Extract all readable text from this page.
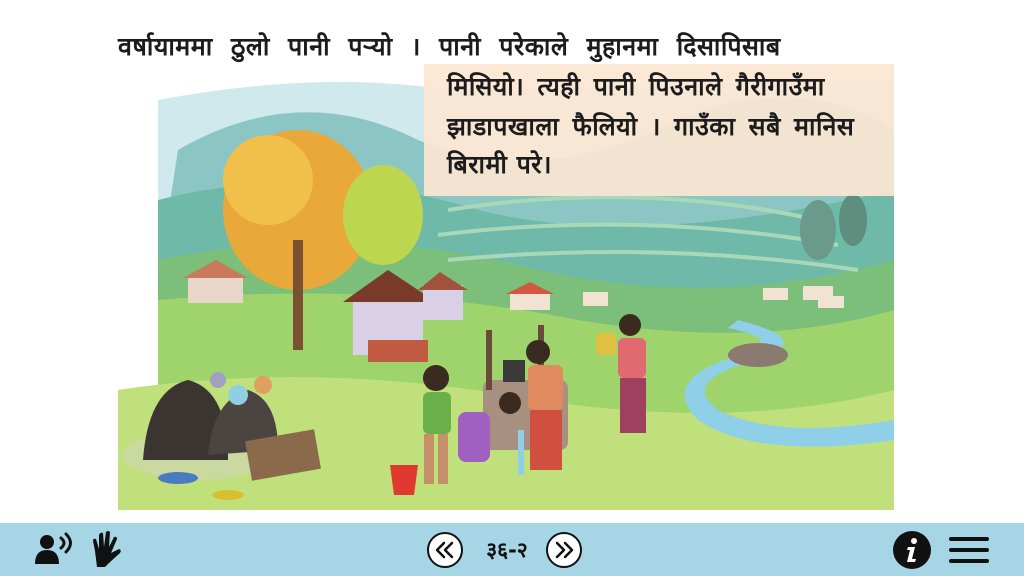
वर्षायाममा ठुलो पानी पऱ्यो । पानी परेकाले मुहानमा दिसापिसाब

मिसियो। त्यही पानी पिउनाले गैरीगाउँमा

झाडापखाला फैलियो । गाउँका सबै मानिस

बिरामी परे।

३६-२
